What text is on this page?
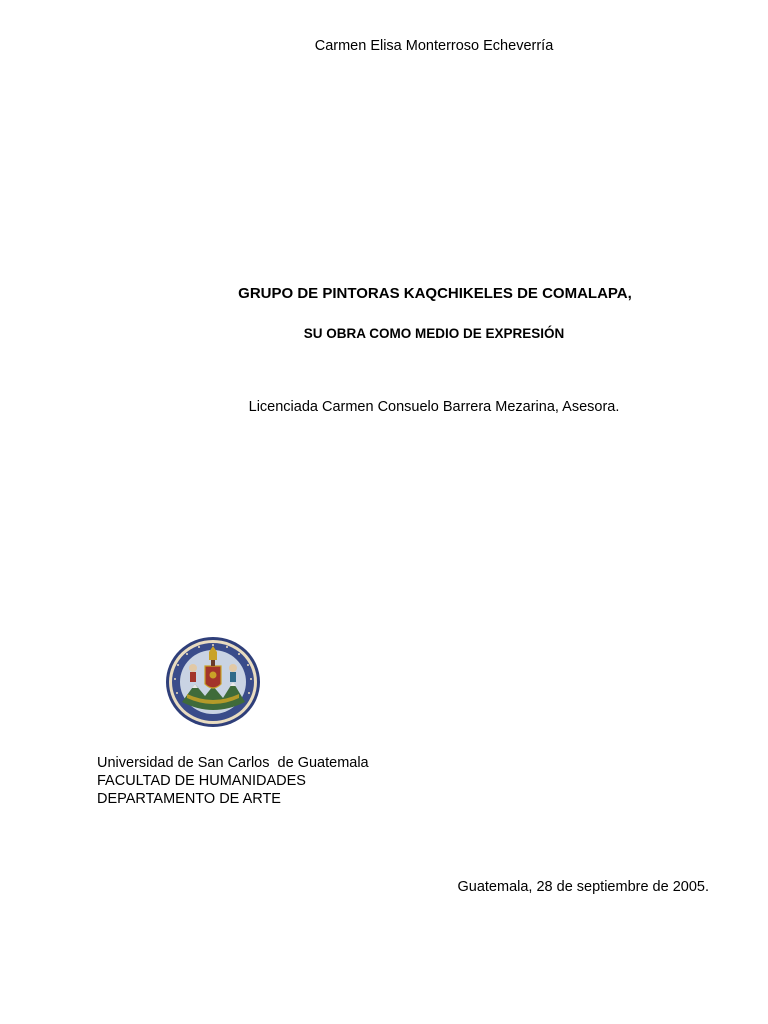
Carmen Elisa Monterroso Echeverría
GRUPO DE PINTORAS KAQCHIKELES DE COMALAPA,
SU OBRA COMO MEDIO DE EXPRESIÓN
Licenciada Carmen Consuelo Barrera Mezarina, Asesora.
Universidad de San Carlos  de Guatemala
FACULTAD DE HUMANIDADES
DEPARTAMENTO DE ARTE
Guatemala, 28 de septiembre de 2005.
